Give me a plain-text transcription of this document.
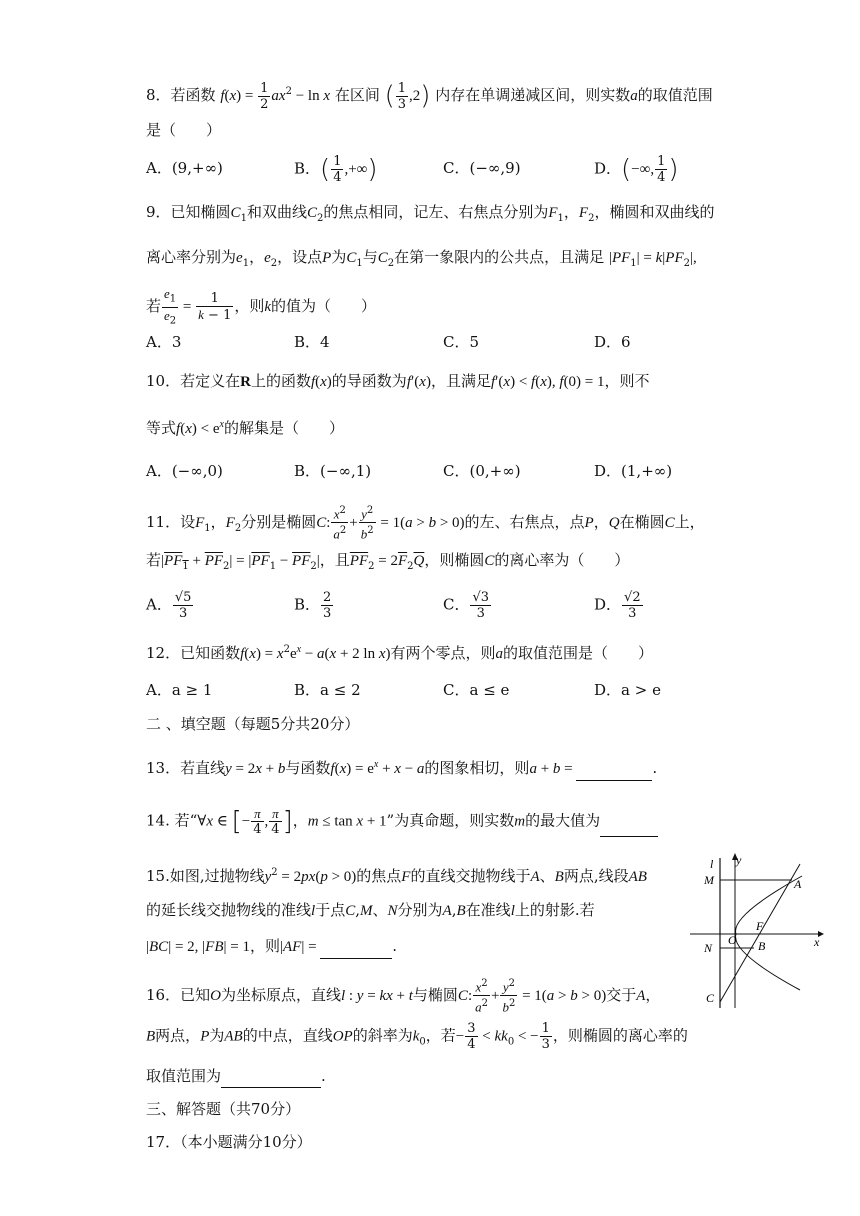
8．若函数 $f(x) = \frac{1}{2} ax^2 - \ln x$ 在区间 ( $\frac{1}{3} ,2$) 内存在单调递减区间，则实数a的取值范围
是（　　）
A．(9,+∞)	B．( $\frac{1}{4}$ ,+∞)	C．(−∞,9)	D．(−∞, $\frac{1}{4}$ )
9．已知椭圆$C_1$和双曲线$C_2$的焦点相同，记左、右焦点分别为$F_1$，$F_2$，椭圆和双曲线的
离心率分别为$e_1$，$e_2$，设点P为$C_1$与$C_2$在第一象限内的公共点，且满足 $|PF_1| = k|PF_2|$,
若 $\frac{e_1}{e_2} = \frac{1}{k - 1}$ ，则k的值为（　　）
A．3	B．4	C．5	D．6
10．若定义在R上的函数f(x)的导函数为f′(x)，且满足f′(x) < f(x), f(0) = 1，则不
等式$f(x) < e^x$的解集是（　　）
A．(−∞,0)	B．(−∞,1)	C．(0,+∞)	D．(1,+∞)
11．设$F_1$，$F_2$分别是椭圆C: $\frac{x^2}{a^2} + \frac{y^2}{b^2} = 1(a > b > 0)$的左、右焦点，点P，Q在椭圆C上，
若$|\overline{PF}_1 + \overline{PF}_2| = |\overline{PF}_1 - \overline{PF}_2|$，且$\overline{PF}_2 = 2\overline{F}_2\overline{Q}$，则椭圆C的离心率为（　　）
A． $\frac{√5}{3}$	B． $\frac{2}{3}$	C． $\frac{√3}{3}$	D． $\frac{√2}{3}$
12．已知函数$f(x) = x^2e^x - a(x + 2$ ln x)有两个零点，则a的取值范围是（　　）
A．a ≥ 1	B．a ≤ 2	C．a ≤ e	D．a > e
二 、填空题（每题5分共20分）
13．若直线y = 2x + b与函数$f(x) = e^x + x - a$的图象相切，则a + b =	.
14. 若“∀x ∈ [− $\frac{\pi}{4}$ , $\frac{\pi}{4}$ ]，m ≤ tan x + 1”为真命题，则实数m的最大值为
15.如图,过抛物线$y^2 = 2px(p > 0)$的焦点F的直线交抛物线于A、B两点,线段AB
的延长线交抛物线的准线l于点C,M、N分别为A,B在准线l上的射影.若
|BC| = 2, |FB| = 1，则|AF| =	.
l y
M	A
F
N
O B	x
C
16．已知O为坐标原点，直线l : y = kx + t与椭圆C: $\frac{x^2}{a^2} + \frac{y^2}{b^2} = 1(a > b > 0)$交于A，
B两点，P为AB的中点，直线OP的斜率为$k_0$，若− $\frac{3}{4} < kk_0$ < − $\frac{1}{3}$ ，则椭圆的离心率的
取值范围为	.
三、解答题（共70分）
17．（本小题满分10分）
